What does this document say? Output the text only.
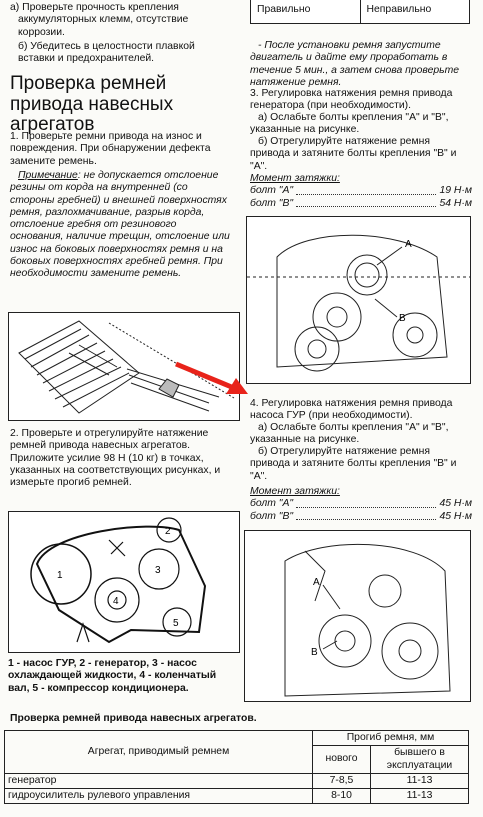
а) Проверьте прочность крепления аккумуляторных клемм, отсутствие коррозии.

б) Убедитесь в целостности плавкой вставки и предохранителей.

Проверка ремней привода навесных агрегатов

1. Проверьте ремни привода на износ и повреждения. При обнаружении дефекта замените ремень.

Примечание: не допускается отслоение резины от корда на внутренней (со стороны гребней) и внешней поверхностях ремня, разлохмачивание, разрыв корда, отслоение гребня от резинового основания, наличие трещин, отслоение или износ на боковых поверхностях ремня и на боковых поверхностях гребней ремня. При необходимости замените ремень.

2. Проверьте и отрегулируйте натяжение ремней привода навесных агрегатов. Приложите усилие 98 Н (10 кг) в точках, указанных на соответствующих рисунках, и измерьте прогиб ремней.

1
2
3
4
5

1 - насос ГУР, 2 - генератор, 3 - насос охлаждающей жидкости, 4 - коленчатый вал, 5 - компрессор кондиционера.

Правильно	Неправильно

- После установки ремня запустите двигатель и дайте ему проработать в течение 5 мин., а затем снова проверьте натяжение ремня.

3. Регулировка натяжения ремня привода генератора (при необходимости).

а) Ослабьте болты крепления "А" и "В", указанные на рисунке.

б) Отрегулируйте натяжение ремня привода и затяните болты крепления "В" и "А".

Момент затяжки:
болт "А"	19 Н·м
болт "В"	54 Н·м
A
B

4. Регулировка натяжения ремня привода насоса ГУР (при необходимости).

а) Ослабьте болты крепления "А" и "В", указанные на рисунке.

б) Отрегулируйте натяжение ремня привода и затяните болты крепления "В" и "А".

Момент затяжки:
болт "А"	45 Н·м
болт "В"	45 Н·м
A
B
Проверка ремней привода навесных агрегатов.
Агрегат, приводимый ремнем	Прогиб ремня, мм	
	нового	бывшего в эксплуатации
генератор	7-8,5	11-13
гидроусилитель рулевого управления	8-10	11-13
